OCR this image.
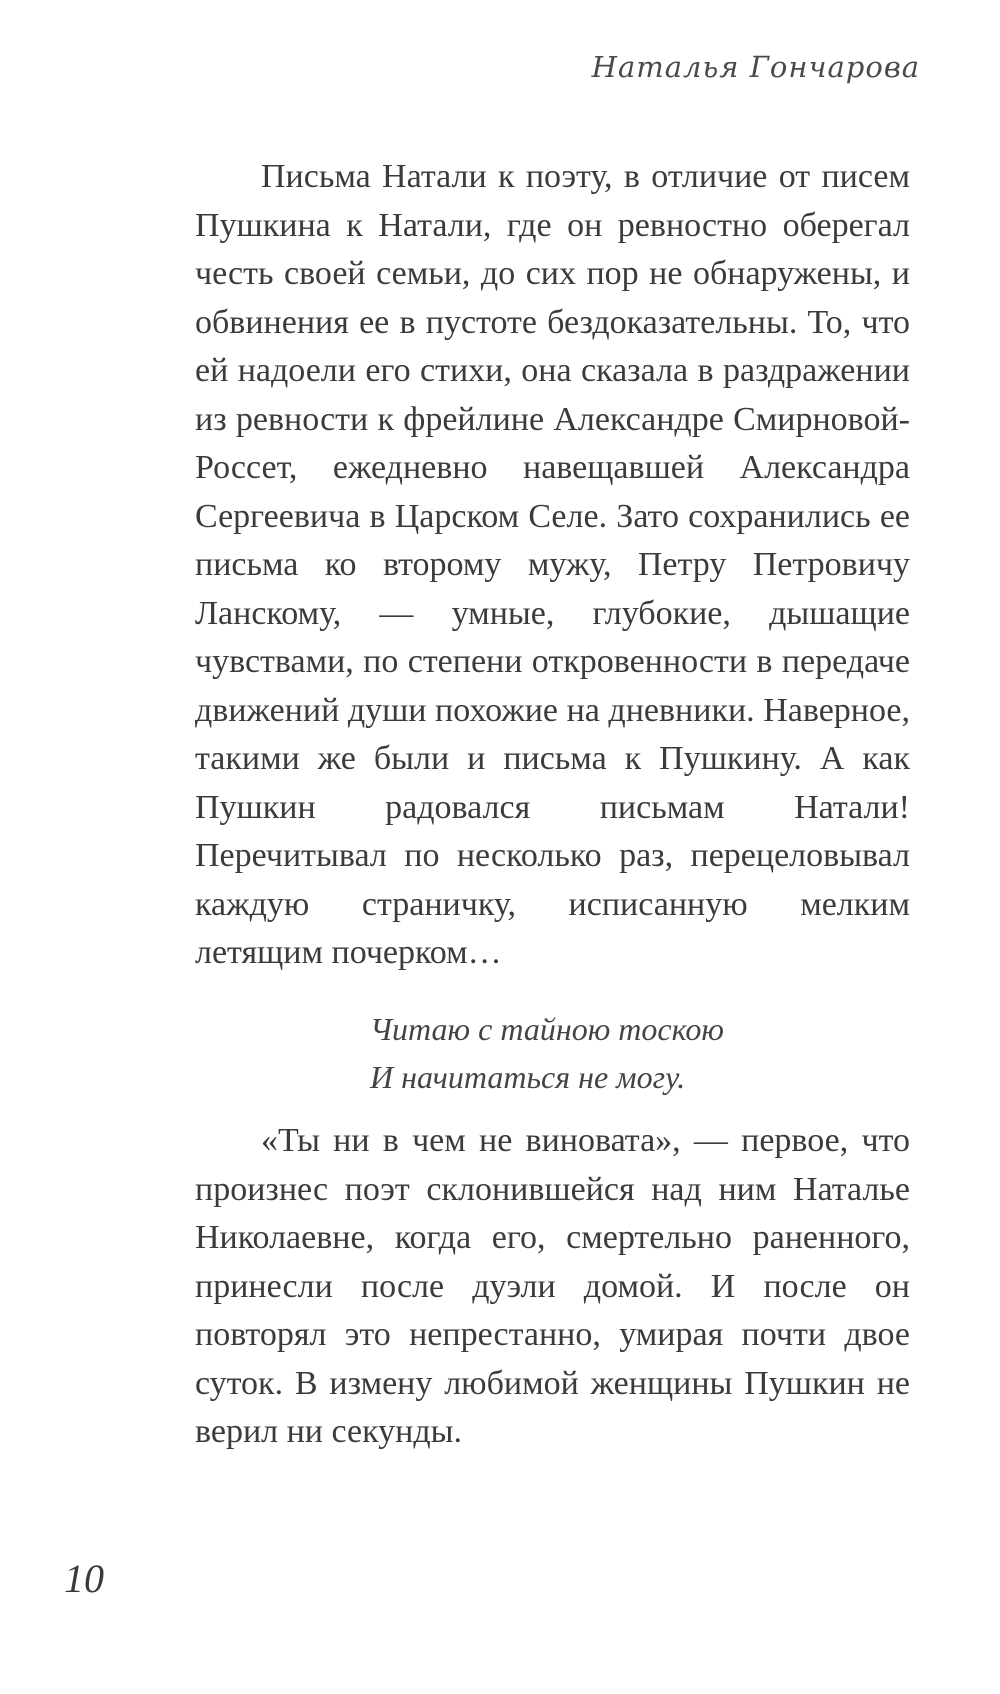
Наталья Гончарова

Письма Натали к поэту, в отличие от писем Пушкина к Натали, где он ревностно оберегал честь своей семьи, до сих пор не обнаружены, и обвинения ее в пустоте бездоказательны. То, что ей надоели его стихи, она сказала в раздражении из ревности к фрейлине Александре Смирновой-Россет, ежедневно навещавшей Александра Сергеевича в Царском Селе. Зато сохранились ее письма ко второму мужу, Петру Петровичу Ланскому, — умные, глубокие, дышащие чувствами, по степени откровенности в передаче движений души похожие на дневники. Наверное, такими же были и письма к Пушкину. А как Пушкин радовался письмам Натали! Перечитывал по несколько раз, перецеловывал каждую страничку, исписанную мелким летящим почерком…

Читаю с тайною тоскою
И начитаться не могу.

«Ты ни в чем не виновата», — первое, что произнес поэт склонившейся над ним Наталье Николаевне, когда его, смертельно раненного, принесли после дуэли домой. И после он повторял это непрестанно, умирая почти двое суток. В измену любимой женщины Пушкин не верил ни секунды.

10
